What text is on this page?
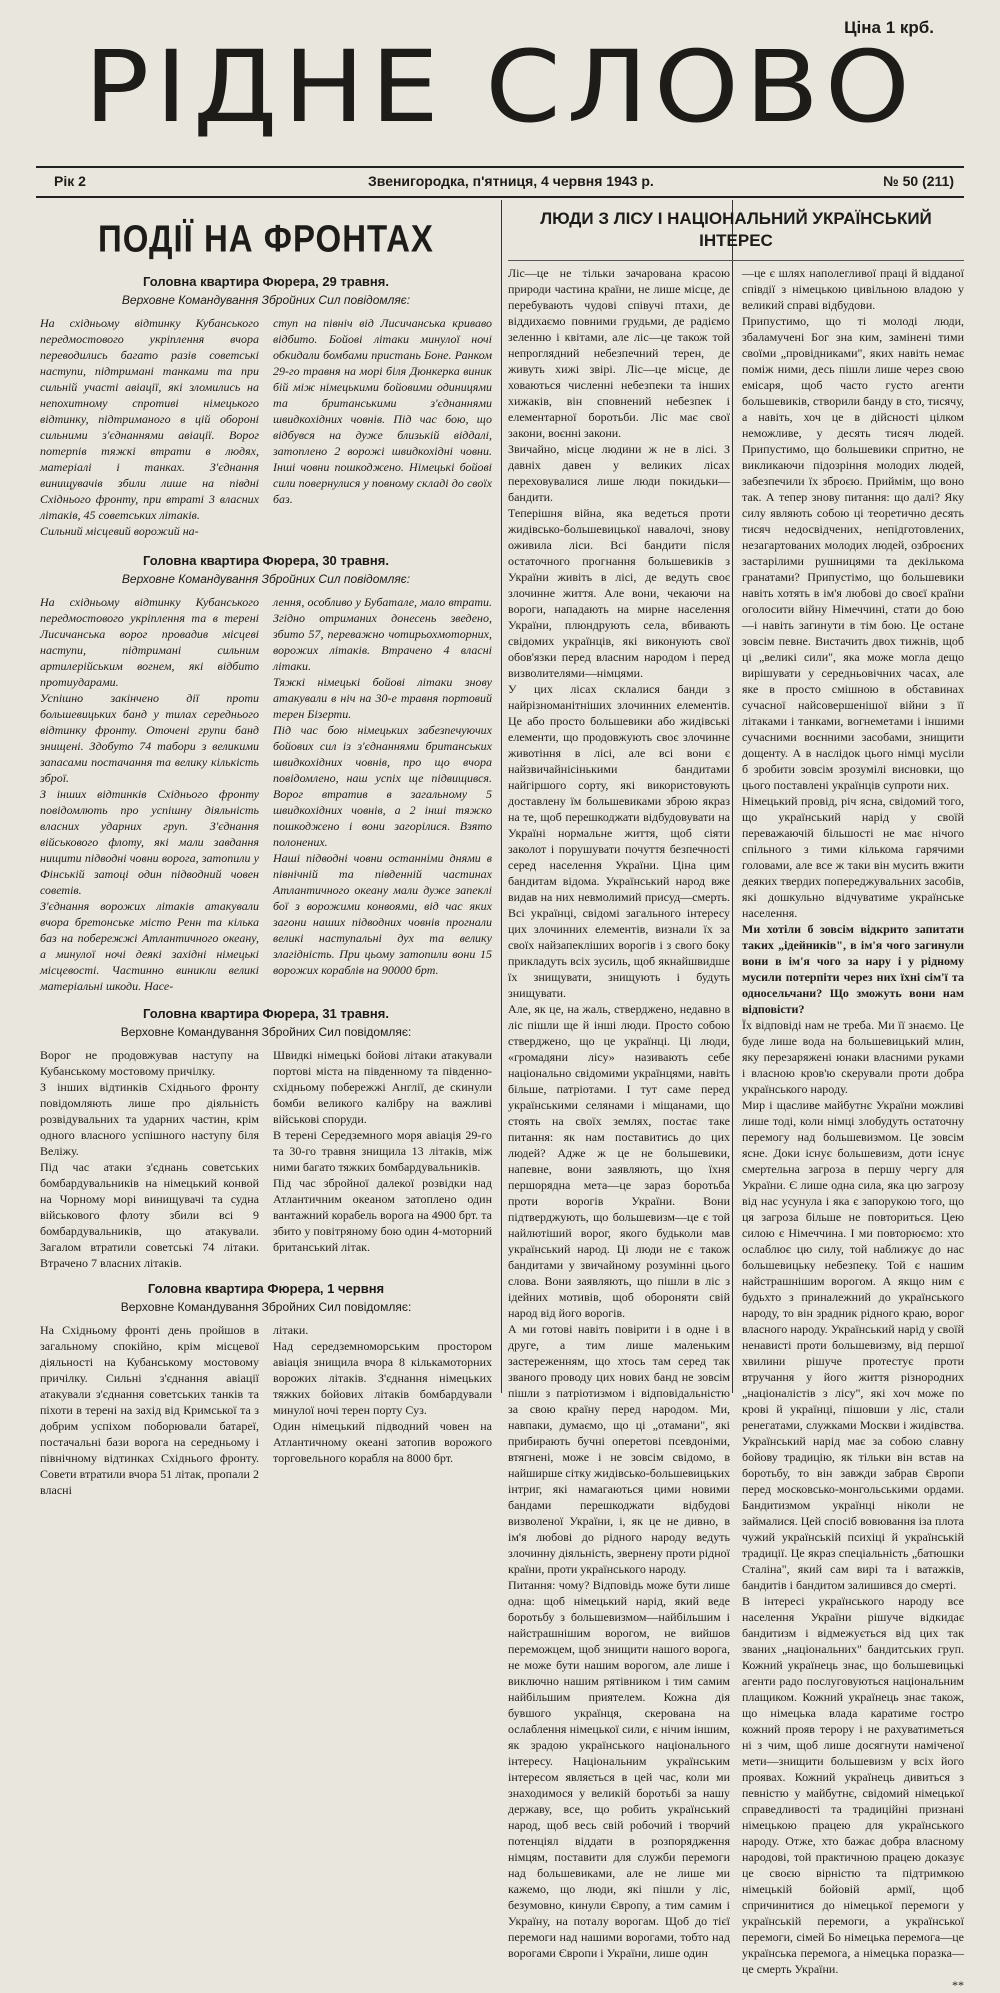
Ціна 1 крб.
РІДНЕ СЛОВО
Рік 2	Звенигородка, п'ятниця, 4 червня 1943 р.	№ 50 (211)
ПОДІЇ НА ФРОНТАХ
Головна квартира Фюрера, 29 травня.
Верховне Командування Збройних Сил повідомляє:

На східньому відтинку Кубанського передмостового укріплення вчора переводились багато разів советські наступи, підтримані танками та при сильній участі авіації, які зломились на непохитному спротиві німецького відтинку, підтриманого в цій обороні сильними з'єднаннями авіації. Ворог потерпів тяжкі втрати в людях, матеріалі і танках. З'єднання винищувачів збили лише на півдні Східнього фронту, при втраті 3 власних літаків, 45 советських літаків.

Сильний місцевий ворожий на-

ступ на північ від Лисичанська криваво відбито. Бойові літаки минулої ночі обкидали бомбами пристань Боне. Ранком 29-го травня на морі біля Дюнкерка виник бій між німецькими бойовими одиницями та британськими з'єднаннями швидкохідних човнів. Під час бою, що відбувся на дуже близькій віддалі, затоплено 2 ворожі швидкохідні човни. Інші човни пошкоджено. Німецькі бойові сили повернулися у повному складі до своїх баз.

Головна квартира Фюрера, 30 травня.
Верховне Командування Збройних Сил повідомляє:

На східньому відтинку Кубанського передмостового укріплення та в терені Лисичанська ворог провадив місцеві наступи, підтримані сильним артилерійським вогнем, які відбито протиударами.

Успішно закінчено дії проти большевицьких банд у тилах середнього відтинку фронту. Оточені групи банд знищені. Здобуто 74 табори з великими запасами постачання та велику кількість зброї.

З інших відтинків Східнього фронту повідомлють про успішну діяльність власних ударних груп. З'єднання військового флоту, які мали завдання нищити підводні човни ворога, затопили у Фінській затоці один підводний човен советів.

З'єднання ворожих літаків атакували вчора бретонське місто Ренн та кілька баз на побережжі Атлантичного океану, а минулої ночі деякі західні німецькі місцевості. Частинно виникли великі матеріальні шкоди. Насе-

лення, особливо у Бубатале, мало втрати. Згідно отриманих донесень зведено, збито 57, переважно чотирьохмоторних, ворожих літаків. Втрачено 4 власні літаки.

Тяжкі німецькі бойові літаки знову атакували в ніч на 30-е травня портовий терен Бізерти.

Під час бою німецьких забезпечуючих бойових сил із з'єднаннями британських швидкохідних човнів, про що вчора повідомлено, наш успіх ще підвищився. Ворог втратив в загальному 5 швидкохідних човнів, а 2 інші тяжко пошкоджено і вони загорілися. Взято полонених.

Наші підводні човни останніми днями в північній та південній частинах Атлантичного океану мали дуже запеклі бої з ворожими конвоями, від час яких загони наших підводних човнів прогнали великі наступальні дух та велику злагідність. При цьому затопили вони 15 ворожих кораблів на 90000 брт.

Головна квартира Фюрера, 31 травня.
Верховне Командування Збройних Сил повідомляє:

Ворог не продовжував наступу на Кубанському мостовому причілку.

З інших відтинків Східнього фронту повідомляють лише про діяльність розвідувальних та ударних частин, крім одного власного успішного наступу біля Веліжу.

Під час атаки з'єднань советських бомбардувальників на німецький конвой на Чорному морі винищувачі та судна військового флоту збили всі 9 бомбардувальників, що атакували. Загалом втратили советські 74 літаки. Втрачено 7 власних літаків.

Швидкі німецькі бойові літаки атакували портові міста на південному та південно-східньому побережжі Англії, де скинули бомби великого калібру на важливі військові споруди.

В терені Середземного моря авіація 29-го та 30-го травня знищила 13 літаків, між ними багато тяжких бомбардувальників.

Під час збройної далекої розвідки над Атлантичним океаном затоплено один вантажний корабель ворога на 4900 брт. та збито у повітряному бою один 4-моторний британський літак.

Головна квартира Фюрера, 1 червня
Верховне Командування Збройних Сил повідомляє:

На Східньому фронті день пройшов в загальному спокійно, крім місцевої діяльності на Кубанському мостовому причілку. Сильні з'єднання авіації атакували з'єднання советських танків та піхоти в терені на захід від Кримської та з добрим успіхом поборювали батареї, постачальні бази ворога на середньому і північному відтинках Східнього фронту. Совети втратили вчора 51 літак, пропали 2 власні

літаки.

Над середземноморським простором авіація знищила вчора 8 кількамоторних ворожих літаків. З'єднання німецьких тяжких бойових літаків бомбардували минулої ночі терен порту Суз.

Один німецький підводний човен на Атлантичному океані затопив ворожого торговельного корабля на 8000 брт.

ЛЮДИ З ЛІСУ І НАЦІОНАЛЬНИЙ УКРАЇНСЬКИЙ ІНТЕРЕС

Ліс—це не тільки зачарована красою природи частина країни, не лише місце, де перебувають чудові співучі птахи, де віддихаємо повними грудьми, де радіємо зеленню і квітами, але ліс—це також той непроглядний небезпечний терен, де живуть хижі звірі. Ліс—це місце, де ховаються численні небезпеки та інших хижаків, він сповнений небезпек і елементарної боротьби. Ліс має свої закони, воєнні закони.

Звичайно, місце людини ж не в лісі. З давніх давен у великих лісах переховувалися лише люди покидьки—бандити.

Теперішня війна, яка ведеться проти жидівсько-большевицької навалочі, знову оживила ліси. Всі бандити після остаточного прогнання большевиків з України живіть в лісі, де ведуть своє злочинне життя. Але вони, чекаючи на вороги, нападають на мирне населення України, плюндрують села, вбивають свідомих українців, які виконують свої обов'язки перед власним народом і перед визволителями—німцями.

У цих лісах склалися банди з найрізноманітніших злочинних елементів. Це або просто большевики або жидівські елементи, що продовжують своє злочинне животіння в лісі, але всі вони є найзвичайнісінькими бандитами найгіршого сорту, які використовують доставлену їм большевиками зброю якраз на те, щоб перешкоджати відбудовувати на Україні нормальне життя, щоб сіяти заколот і порушувати почуття безпечності серед населення України. Ціна цим бандитам відома. Український народ вже видав на них невмолимий присуд—смерть. Всі українці, свідомі загального інтересу цих злочинних елементів, визнали їх за своїх найзапекліших ворогів і з свого боку прикладуть всіх зусиль, щоб якнайшвидше їх знищувати, знищують і будуть знищувати.

Але, як це, на жаль, стверджено, недавно в ліс пішли ще й інші люди. Просто собою стверджено, що це українці. Ці люди, «громадяни лісу» називають себе національно свідомими українцями, навіть більше, патріотами. І тут саме перед українськими селянами і міщанами, що стоять на своїх землях, постає таке питання: як нам поставитись до цих людей? Адже ж це не большевики, напевне, вони заявляють, що їхня першорядна мета—це зараз боротьба проти ворогів України. Вони підтверджують, що большевизм—це є той найлютіший ворог, якого будьколи мав український народ. Ці люди не є також бандитами у звичайному розумінні цього слова. Вони заявляють, що пішли в ліс з ідейних мотивів, щоб обороняти свій народ від його ворогів.

А ми готові навіть повірити і в одне і в друге, а тим лише маленьким застереженням, що хтось там серед так званого проводу цих нових банд не зовсім пішли з патріотизмом і відповідальністю за свою країну перед народом. Ми, навпаки, думаємо, що ці „отамани", які прибирають бучні оперетові псевдоніми, втягнені, може і не зовсім свідомо, в найширше сітку жидівсько-большевицьких інтриг, які намагаються цими новими бандами перешкоджати відбудові визволеної України, і, як це не дивно, в ім'я любові до рідного народу ведуть злочинну діяльність, звернену проти рідної країни, проти українського народу.

Питання: чому? Відповідь може бути лише одна: щоб німецький нарід, який веде боротьбу з большевизмом—найбільшим і найстрашнішим ворогом, не вийшов переможцем, щоб знищити нашого ворога, не може бути нашим ворогом, але лише і виключно нашим рятівником і тим самим найбільшим приятелем. Кожна дія бувшого українця, скерована на ослаблення німецької сили, є нічим іншим, як зрадою українського національного інтересу. Національним українським інтересом являється в цей час, коли ми знаходимося у великій боротьбі за нашу державу, все, що робить український народ, щоб весь свій робочий і творчий потенціял віддати в розпорядження німцям, поставити для служби перемоги над большевиками, але не лише ми кажемо, що люди, які пішли у ліс, безумовно, кинули Європу, а тим самим і Україну, на поталу ворогам. Щоб до тієї перемоги над нашими ворогами, тобто над ворогами Європи і України, лише один

—це є шлях наполегливої праці й відданої співдії з німецькою цивільною владою у великий справі відбудови.

Припустимо, що ті молоді люди, збаламучені Бог зна ким, замінені тими своїми „провідниками", яких навіть немає поміж ними, десь пішли лише через свою емісаря, щоб часто густо агенти большевиків, створили банду в сто, тисячу, а навіть, хоч це в дійсності цілком неможливе, у десять тисяч людей. Припустимо, що большевики спритно, не викликаючи підозріння молодих людей, забезпечили їх зброєю. Приймім, що воно так. А тепер знову питання: що далі? Яку силу являють собою ці теоретично десять тисяч недосвідчених, непідготовлених, незагартованих молодих людей, озброєних застарілими рушницями та декількома гранатами? Припустімо, що большевики навіть хотять в ім'я любові до своєї країни оголосити війну Німеччині, стати до бою—і навіть загинути в тім бою. Це остане зовсім певне. Вистачить двох тижнів, щоб ці „великі сили", яка може могла дещо вирішувати у середньовічних часах, але яке в просто смішною в обставинах сучасної найсовершенішої війни з її літаками і танками, вогнеметами і іншими сучасними воєнними засобами, знищити дощенту. А в наслідок цього німці мусіли б зробити зовсім зрозумілі висновки, що цього поставлені українців супроти них.

Німецький провід, річ ясна, свідомий того, що український нарід у своїй переважаючій більшості не має нічого спільного з тими кількома гарячими головами, але все ж таки він мусить вжити деяких твердих попереджувальних засобів, які дошкульно відчуватиме українське населення.

Ми хотіли б зовсім відкрито запитати таких „ідейників", в ім'я чого загинули вони в ім'я чого за нару і у рідному мусили потерпіти через них їхні сім'ї та односельчани? Що зможуть вони нам відповісти?

Їх відповіді нам не треба. Ми її знаємо. Це буде лише вода на большевицький млин, яку перезаряжені юнаки власними руками і власною кров'ю скерували проти добра українського народу.

Мир і щасливе майбутнє України можливі лише тоді, коли німці злобудуть остаточну перемогу над большевизмом. Це зовсім ясне. Доки існує большевизм, доти існує смертельна загроза в першу чергу для України. Є лише одна сила, яка цю загрозу від нас усунула і яка є запорукою того, що ця загроза більше не повториться. Цею силою є Німеччина. І ми повторюємо: хто ослаблює цю силу, той наближує до нас большевицьку небезпеку. Той є нашим найстрашнішим ворогом. А якщо ним є будьхто з приналежний до українського народу, то він зрадник рідного краю, ворог власного народу. Український нарід у своїй ненависті проти большевизму, від першої хвилини рішуче протестує проти втручання у його життя різнородних „націоналістів з лісу", які хоч може по крові й українці, пішовши у ліс, стали ренегатами, служками Москви і жидівства. Український нарід має за собою славну бойову традицію, як тільки він встав на боротьбу, то він завжди забрав Європи перед московсько-монгольськими ордами. Бандитизмом українці ніколи не займалися. Цей спосіб вовювання іза плота чужий українській психіці й українській традиції. Це якраз спеціальність „батюшки Сталіна", який сам вирі та і ватажків, бандитів і бандитом залишився до смерті.

В інтересі українського народу все населення України рішуче відкидає бандитизм і відмежується від цих так званих „національних" бандитських груп. Кожний українець знає, що большевицькі агенти радо послуговуються національним плащиком. Кожний українець знає також, що німецька влада каратиме гостро кожний прояв терору і не рахуватиметься ні з чим, щоб лише досягнути наміченої мети—знищити большевизм у всіх його проявах. Кожний українець дивиться з певністю у майбутнє, свідомий німецької справедливості та традиційні признані німецькою працею для українського народу. Отже, хто бажає добра власному народові, той практичною працею доказує це своєю вірністю та підтримкою німецькій бойовій армії, щоб спричинитися до німецької перемоги у українській перемоги, а української перемоги, сімей Бо німецька перемога—це українська перемога, а німецька поразка—це смерть України.

**
